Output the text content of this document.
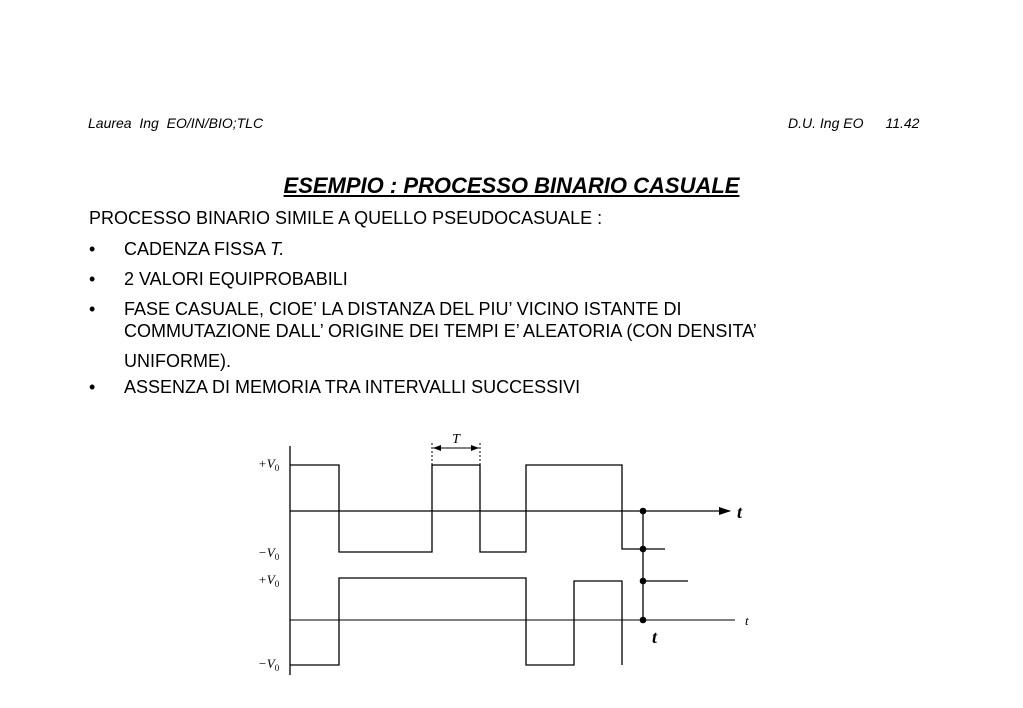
Laurea  Ing  EO/IN/BIO;TLC	D.U. Ing EO 11.42
ESEMPIO : PROCESSO BINARIO CASUALE
PROCESSO BINARIO SIMILE A QUELLO PSEUDOCASUALE :
• CADENZA FISSA T.
• 2 VALORI EQUIPROBABILI
• FASE CASUALE, CIOE’ LA DISTANZA DEL PIU’ VICINO ISTANTE DI
COMMUTAZIONE DALL’ ORIGINE DEI TEMPI E’ ALEATORIA (CON DENSITA’
UNIFORME).
• ASSENZA DI MEMORIA TRA INTERVALLI SUCCESSIVI
T
$+V_0$
$-V_0$
$+V_0$
$-V_0$
t
t
t
